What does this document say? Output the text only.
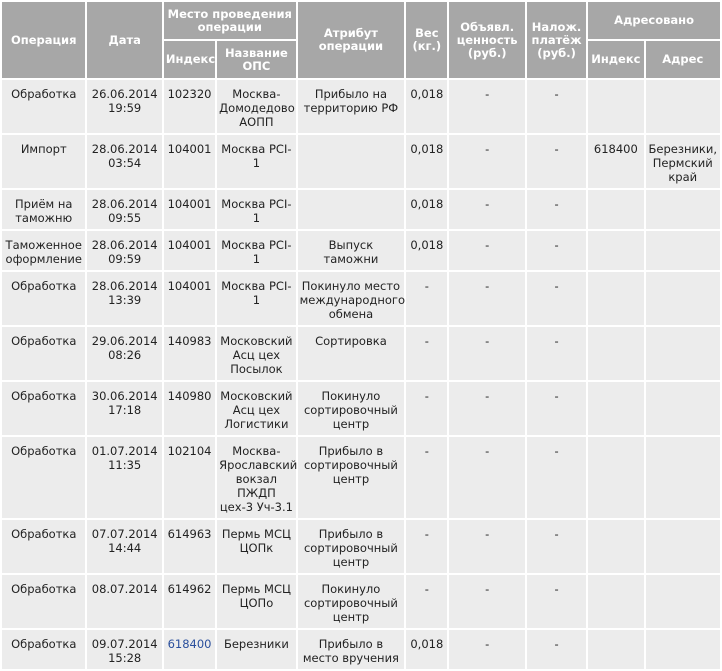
Операция	Дата	Место проведения операции		Атрибут операции	Вес (кг.)	Объявл. ценность (руб.)	Налож. платёж (руб.)	Адресовано	
		Индекс	Название ОПС					Индекс	Адрес
Обработка	26.06.2014 19:59	102320	Москва-Домодедово АОПП	Прибыло на территорию РФ	0,018	-	-		
Импорт	28.06.2014 03:54	104001	Москва PCI-1		0,018	-	-	618400	Березники, Пермский край
Приём на таможню	28.06.2014 09:55	104001	Москва PCI-1		0,018	-	-		
Таможенное оформление	28.06.2014 09:59	104001	Москва PCI-1	Выпуск таможни	0,018	-	-		
Обработка	28.06.2014 13:39	104001	Москва PCI-1	Покинуло место международного обмена	-	-	-		
Обработка	29.06.2014 08:26	140983	Московский Асц цех Посылок	Сортировка	-	-	-		
Обработка	30.06.2014 17:18	140980	Московский Асц цех Логистики	Покинуло сортировочный центр	-	-	-		
Обработка	01.07.2014 11:35	102104	Москва-Ярославский вокзал ПЖДП цех-3 Уч-3.1	Прибыло в сортировочный центр	-	-	-		
Обработка	07.07.2014 14:44	614963	Пермь МСЦ ЦОПк	Прибыло в сортировочный центр	-	-	-		
Обработка	08.07.2014	614962	Пермь МСЦ ЦОПо	Покинуло сортировочный центр	-	-	-		
Обработка	09.07.2014 15:28	618400	Березники	Прибыло в место вручения	0,018	-	-		
